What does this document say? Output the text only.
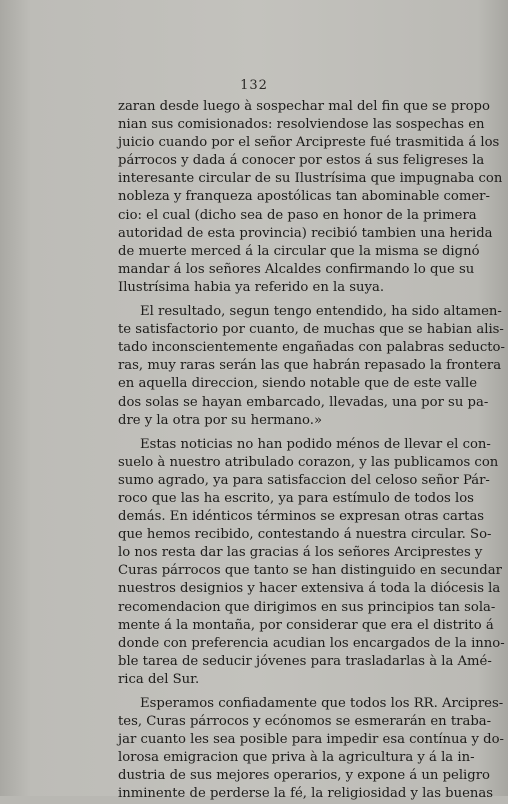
132
zaran desde luego à sospechar mal del fin que se propo
nian sus comisionados: resolviendose las sospechas en
juicio cuando por el señor Arcipreste fué trasmitida á los
párrocos y dada á conocer por estos á sus feligreses la
interesante circular de su Ilustrísima que impugnaba con
nobleza y franqueza apostólicas tan abominable comer-
cio: el cual (dicho sea de paso en honor de la primera
autoridad de esta provincia) recibió tambien una herida
de muerte merced á la circular que la misma se dignó
mandar á los señores Alcaldes confirmando lo que su
Ilustrísima habia ya referido en la suya.
El resultado, segun tengo entendido, ha sido altamen-
te satisfactorio por cuanto, de muchas que se habian alis-
tado inconscientemente engañadas con palabras seducto-
ras, muy raras serán las que habrán repasado la frontera
en aquella direccion, siendo notable que de este valle
dos solas se hayan embarcado, llevadas, una por su pa-
dre y la otra por su hermano.»
Estas noticias no han podido ménos de llevar el con-
suelo à nuestro atribulado corazon, y las publicamos con
sumo agrado, ya para satisfaccion del celoso señor Pár-
roco que las ha escrito, ya para estímulo de todos los
demás. En idénticos términos se expresan otras cartas
que hemos recibido, contestando á nuestra circular. So-
lo nos resta dar las gracias á los señores Arciprestes y
Curas párrocos que tanto se han distinguido en secundar
nuestros designios y hacer extensiva á toda la diócesis la
recomendacion que dirigimos en sus principios tan sola-
mente á la montaña, por considerar que era el distrito á
donde con preferencia acudian los encargados de la inno-
ble tarea de seducir jóvenes para trasladarlas à la Amé-
rica del Sur.
Esperamos confiadamente que todos los RR. Arcipres-
tes, Curas párrocos y ecónomos se esmerarán en traba-
jar cuanto les sea posible para impedir esa contínua y do-
lorosa emigracion que priva à la agricultura y á la in-
dustria de sus mejores operarios, y expone á un peligro
inminente de perderse la fé, la religiosidad y las buenas
